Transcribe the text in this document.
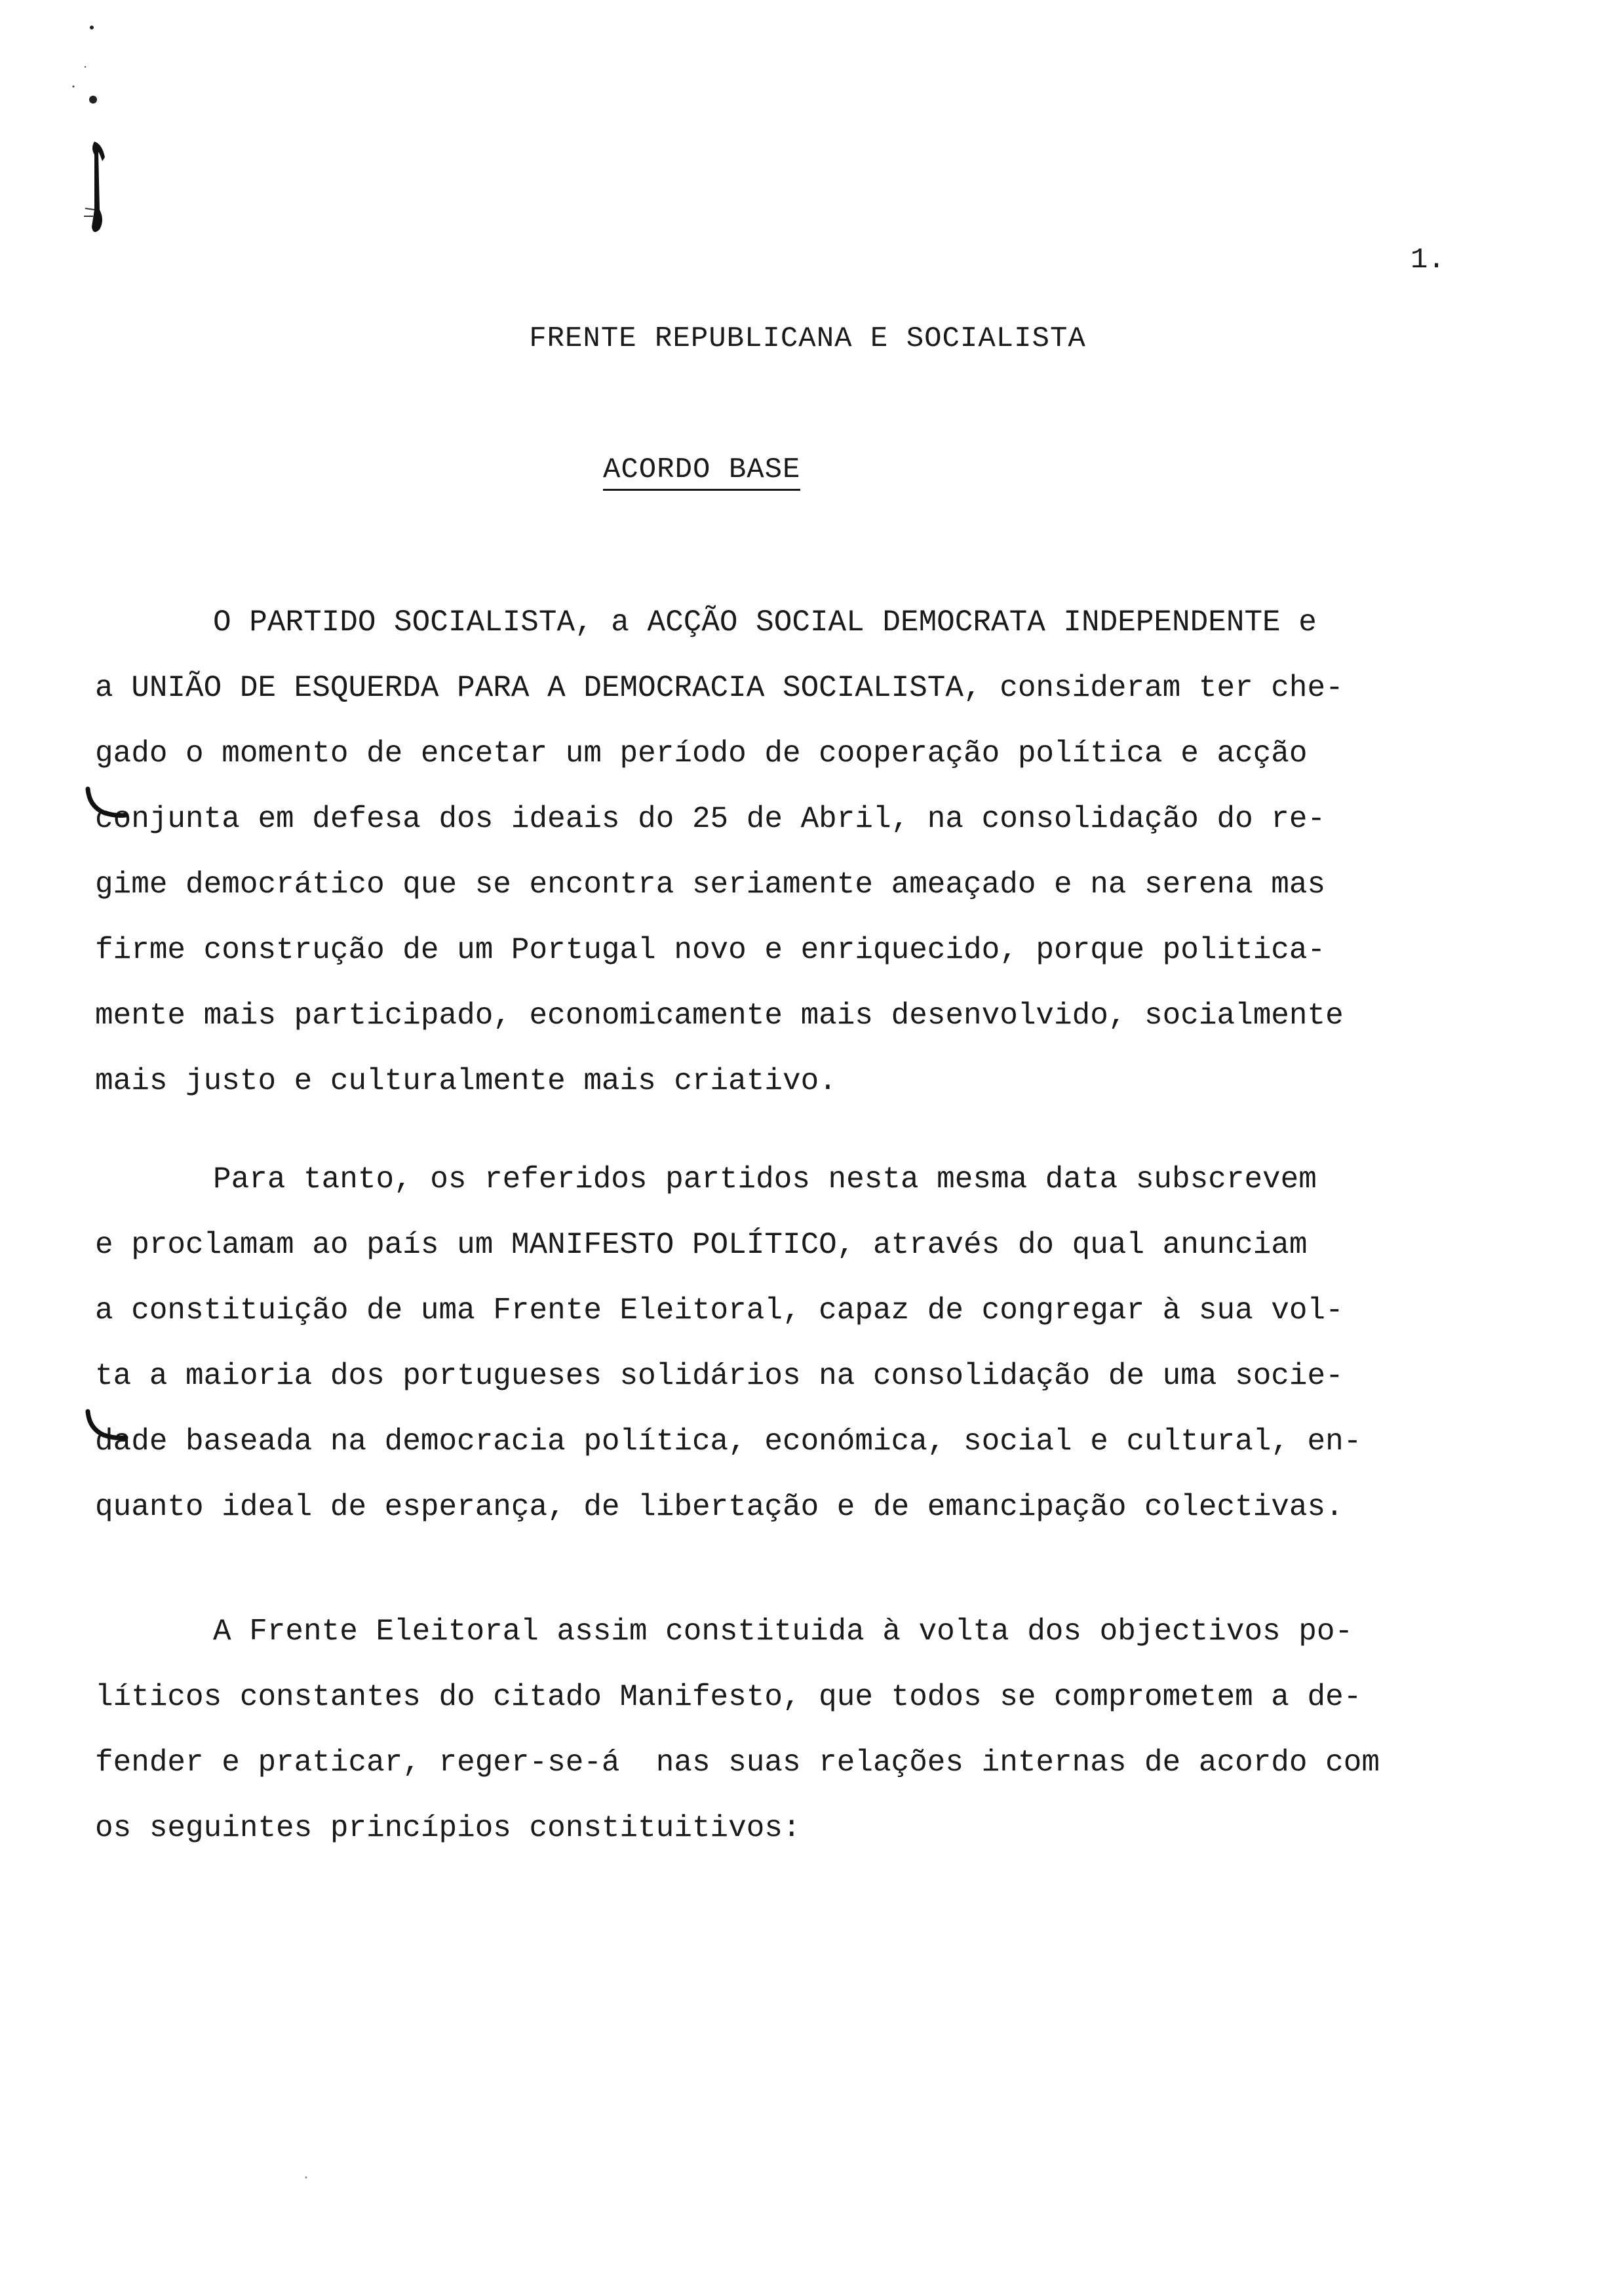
1.
FRENTE REPUBLICANA E SOCIALISTA
ACORDO BASE
O PARTIDO SOCIALISTA, a ACÇÃO SOCIAL DEMOCRATA INDEPENDENTE e
a UNIÃO DE ESQUERDA PARA A DEMOCRACIA SOCIALISTA, consideram ter che-
gado o momento de encetar um período de cooperação política e acção
conjunta em defesa dos ideais do 25 de Abril, na consolidação do re-
gime democrático que se encontra seriamente ameaçado e na serena mas
firme construção de um Portugal novo e enriquecido, porque politica-
mente mais participado, economicamente mais desenvolvido, socialmente
mais justo e culturalmente mais criativo.
Para tanto, os referidos partidos nesta mesma data subscrevem
e proclamam ao país um MANIFESTO POLÍTICO, através do qual anunciam
a constituição de uma Frente Eleitoral, capaz de congregar à sua vol-
ta a maioria dos portugueses solidários na consolidação de uma socie-
dade baseada na democracia política, económica, social e cultural, en-
quanto ideal de esperança, de libertação e de emancipação colectivas.
A Frente Eleitoral assim constituida à volta dos objectivos po-
líticos constantes do citado Manifesto, que todos se comprometem a de-
fender e praticar, reger-se-á  nas suas relações internas de acordo com
os seguintes princípios constituitivos:
